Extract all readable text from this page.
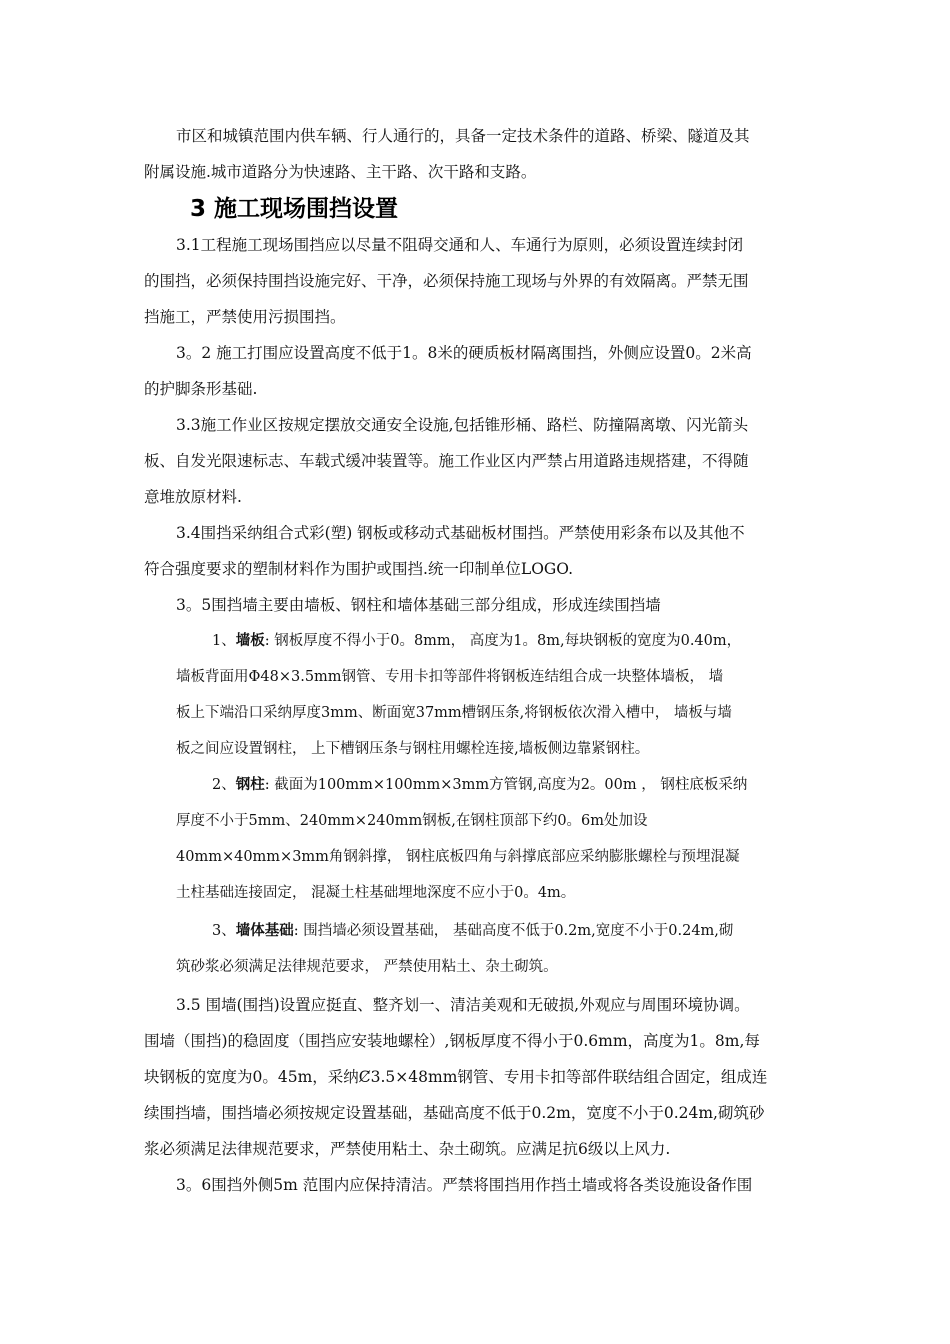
市区和城镇范围内供车辆、行人通行的，具备一定技术条件的道路、桥梁、隧道及其
附属设施.城市道路分为快速路、主干路、次干路和支路。
3 施工现场围挡设置
3.1工程施工现场围挡应以尽量不阻碍交通和人、车通行为原则，必须设置连续封闭
的围挡，必须保持围挡设施完好、干净，必须保持施工现场与外界的有效隔离。严禁无围
挡施工，严禁使用污损围挡。
3。2 施工打围应设置高度不低于1。8米的硬质板材隔离围挡，外侧应设置0。2米高
的护脚条形基础.
3.3施工作业区按规定摆放交通安全设施,包括锥形桶、路栏、防撞隔离墩、闪光箭头
板、自发光限速标志、车载式缓冲装置等。施工作业区内严禁占用道路违规搭建，不得随
意堆放原材料.
3.4围挡采纳组合式彩(塑) 钢板或移动式基础板材围挡。严禁使用彩条布以及其他不
符合强度要求的塑制材料作为围护或围挡.统一印制单位LOGO.
3。5围挡墙主要由墙板、钢柱和墙体基础三部分组成，形成连续围挡墙
1、墙板: 钢板厚度不得小于0。8mm， 高度为1。8m,每块钢板的宽度为0.40m，
墙板背面用Φ48×3.5mm钢管、专用卡扣等部件将钢板连结组合成一块整体墙板， 墙
板上下端沿口采纳厚度3mm、断面宽37mm槽钢压条,将钢板依次滑入槽中， 墙板与墙
板之间应设置钢柱， 上下槽钢压条与钢柱用螺栓连接,墙板侧边靠紧钢柱。
2、钢柱: 截面为100mm×100mm×3mm方管钢,高度为2。00m ， 钢柱底板采纳
厚度不小于5mm、240mm×240mm钢板,在钢柱顶部下约0。6m处加设
40mm×40mm×3mm角钢斜撑， 钢柱底板四角与斜撑底部应采纳膨胀螺栓与预埋混凝
土柱基础连接固定， 混凝土柱基础埋地深度不应小于0。4m。
3、墙体基础: 围挡墙必须设置基础， 基础高度不低于0.2m,宽度不小于0.24m,砌
筑砂浆必须满足法律规范要求， 严禁使用粘土、杂土砌筑。
3.5 围墙(围挡)设置应挺直、整齐划一、清洁美观和无破损,外观应与周围环境协调。
围墙（围挡)的稳固度（围挡应安装地螺栓）,钢板厚度不得小于0.6mm，高度为1。8m,每
块钢板的宽度为0。45m，采纳Ȼ3.5×48mm钢管、专用卡扣等部件联结组合固定，组成连
续围挡墙，围挡墙必须按规定设置基础，基础高度不低于0.2m，宽度不小于0.24m,砌筑砂
浆必须满足法律规范要求，严禁使用粘土、杂土砌筑。应满足抗6级以上风力.
3。6围挡外侧5m 范围内应保持清洁。严禁将围挡用作挡土墙或将各类设施设备作围
